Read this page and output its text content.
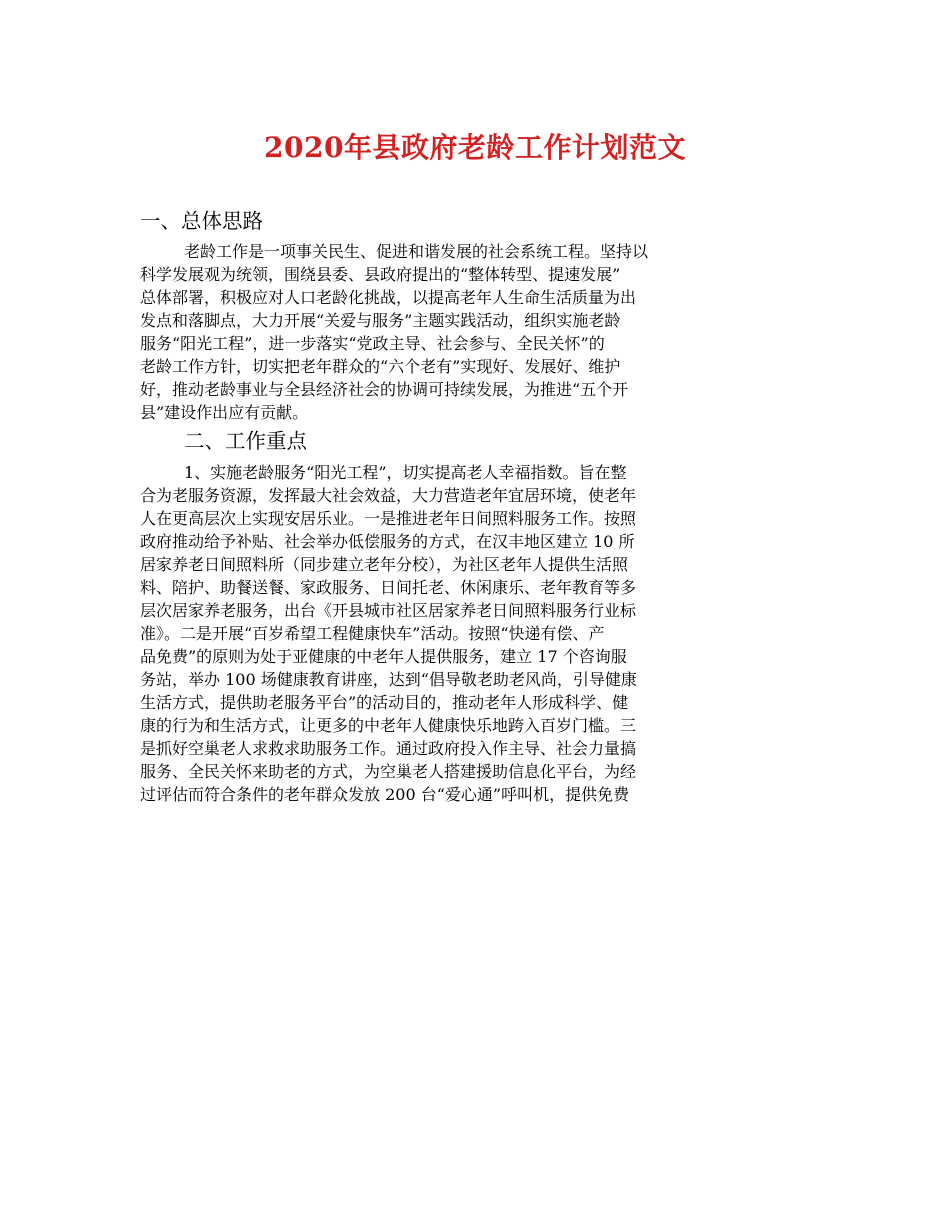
2020年县政府老龄工作计划范文

一、总体思路

老龄工作是一项事关民生、促进和谐发展的社会系统工程。坚持以
科学发展观为统领，围绕县委、县政府提出的“整体转型、提速发展”
总体部署，积极应对人口老龄化挑战，以提高老年人生命生活质量为出
发点和落脚点，大力开展“关爱与服务”主题实践活动，组织实施老龄
服务“阳光工程”，进一步落实“党政主导、社会参与、全民关怀”的
老龄工作方针，切实把老年群众的“六个老有”实现好、发展好、维护
好，推动老龄事业与全县经济社会的协调可持续发展，为推进“五个开
县”建设作出应有贡献。

二、工作重点

1、实施老龄服务“阳光工程”，切实提高老人幸福指数。旨在整
合为老服务资源，发挥最大社会效益，大力营造老年宜居环境，使老年
人在更高层次上实现安居乐业。一是推进老年日间照料服务工作。按照
政府推动给予补贴、社会举办低偿服务的方式，在汉丰地区建立 10 所
居家养老日间照料所（同步建立老年分校），为社区老年人提供生活照
料、陪护、助餐送餐、家政服务、日间托老、休闲康乐、老年教育等多
层次居家养老服务，出台《开县城市社区居家养老日间照料服务行业标
准》。二是开展“百岁希望工程健康快车”活动。按照“快递有偿、产
品免费”的原则为处于亚健康的中老年人提供服务，建立 17 个咨询服
务站，举办 100 场健康教育讲座，达到“倡导敬老助老风尚，引导健康
生活方式，提供助老服务平台”的活动目的，推动老年人形成科学、健
康的行为和生活方式，让更多的中老年人健康快乐地跨入百岁门槛。三
是抓好空巢老人求救求助服务工作。通过政府投入作主导、社会力量搞
服务、全民关怀来助老的方式，为空巢老人搭建援助信息化平台，为经
过评估而符合条件的老年群众发放 200 台“爱心通”呼叫机，提供免费
